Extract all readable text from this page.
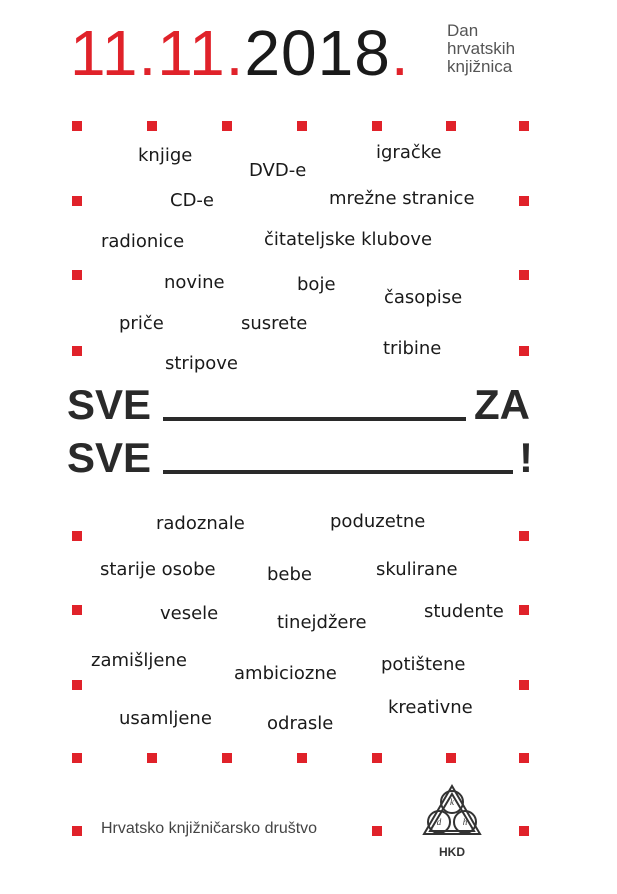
11.11.2018. Dan
hrvatskih
knjižnica
knjige
DVD-e
igračke
CD-e	mrežne stranice
radionice	čitateljske klubove
novine	boje
časopise
priče	susrete
tribine
stripove
SVE	ZA
SVE	!
radoznale	poduzetne
starije osobe	bebe	skulirane
vesele	tinejdžere
studente
zamišljene
ambiciozne potištene
usamljene	odrasle
kreativne
Hrvatsko knjižničarsko društvo
k
d h
HKD
